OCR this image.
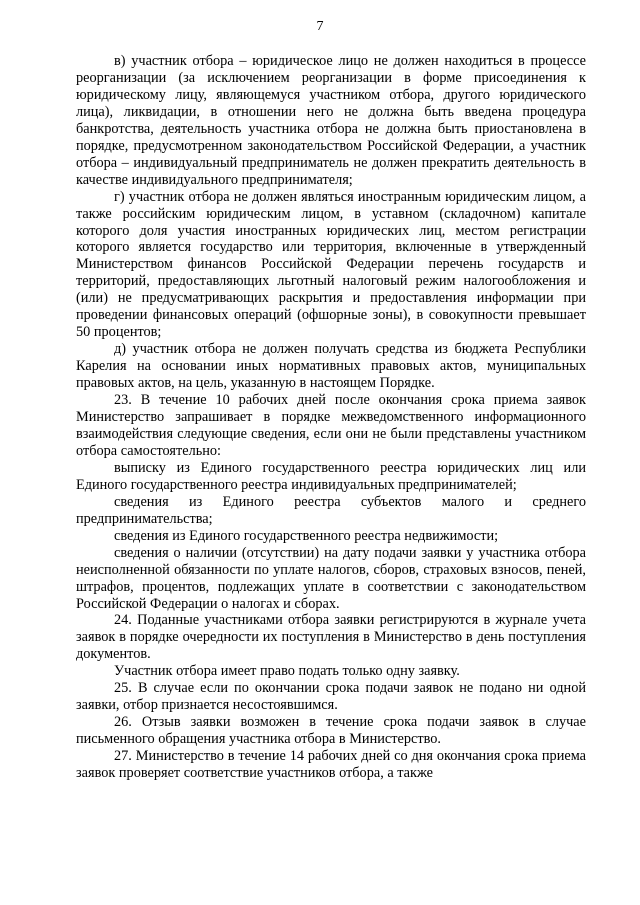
7

в) участник отбора – юридическое лицо не должен находиться в процессе реорганизации (за исключением реорганизации в форме присоединения к юридическому лицу, являющемуся участником отбора, другого юридического лица), ликвидации, в отношении него не должна быть введена процедура банкротства, деятельность участника отбора не должна быть приостановлена в порядке, предусмотренном законодательством Российской Федерации, а участник отбора – индивидуальный предприниматель не должен прекратить деятельность в качестве индивидуального предпринимателя;

г) участник отбора не должен являться иностранным юридическим лицом, а также российским юридическим лицом, в уставном (складочном) капитале которого доля участия иностранных юридических лиц, местом регистрации которого является государство или территория, включенные в утвержденный Министерством финансов Российской Федерации перечень государств и территорий, предоставляющих льготный налоговый режим налогообложения и (или) не предусматривающих раскрытия и предоставления информации при проведении финансовых операций (офшорные зоны), в совокупности превышает 50 процентов;

д) участник отбора не должен получать средства из бюджета Республики Карелия на основании иных нормативных правовых актов, муниципальных правовых актов, на цель, указанную в настоящем Порядке.

23. В течение 10 рабочих дней после окончания срока приема заявок Министерство запрашивает в порядке межведомственного информационного взаимодействия следующие сведения, если они не были представлены участником отбора самостоятельно:

выписку из Единого государственного реестра юридических лиц или Единого государственного реестра индивидуальных предпринимателей;

сведения из Единого реестра субъектов малого и среднего предпринимательства;

сведения из Единого государственного реестра недвижимости;

сведения о наличии (отсутствии) на дату подачи заявки у участника отбора неисполненной обязанности по уплате налогов, сборов, страховых взносов, пеней, штрафов, процентов, подлежащих уплате в соответствии с законодательством Российской Федерации о налогах и сборах.

24. Поданные участниками отбора заявки регистрируются в журнале учета заявок в порядке очередности их поступления в Министерство в день поступления документов.

Участник отбора имеет право подать только одну заявку.

25. В случае если по окончании срока подачи заявок не подано ни одной заявки, отбор признается несостоявшимся.

26. Отзыв заявки возможен в течение срока подачи заявок в случае письменного обращения участника отбора в Министерство.

27. Министерство в течение 14 рабочих дней со дня окончания срока приема заявок проверяет соответствие участников отбора, а также
